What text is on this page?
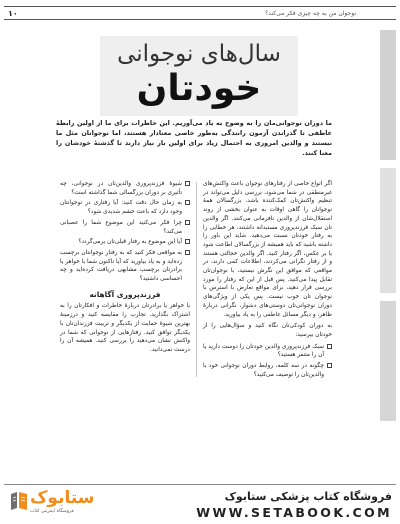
۱۰	نوجوان من به چه چیزی فکر می‌کند؟
سال‌های نوجوانی
خودتان
ما دوران نوجوانی‌مان را به وضوح به یاد می‌آوریم. این خاطرات برای ما از اولین رابطهٔ عاطفی تا گذراندن آزمون رانندگی به‌طور خاصی معنادار هستند، اما نوجوانان مثل ما نیستند و والدین امروزی به احتمال زیاد برای اولین بار نیاز دارند تا گذشتهٔ خودشان را معنا کنند.

اگر انواع خاصی از رفتارهای نوجوان باعث واکنش‌های غیرمنطقی در شما می‌شود، بررسی دلیل می‌تواند در تنظیم واکنش‌تان کمک‌کننده باشد. بزرگسالان همهٔ نوجوانان را گاهی اوقات به عنوان بخشی از روند استقلال‌شان از والدین نافرمانی می‌کنند. اگر والدین تان سبک فرزندپروری مستبدانه داشتند، هر خطایی را به رفتار خودتان نسبت می‌دهید. شاید این باور را داشته باشید که باید همیشه از بزرگسالان اطاعت شود یا بر عکس، اگر رفتار کنید. اگر والدین خجالتی هستند و از رفتار نگرانی می‌کردند، اطلاعات کمی دارند، در مواقعی که موافق این نگرش نیستید، با نوجوان‌تان تقابل پیدا می‌کنید. پس قبل از این که رفتار را مورد بررسی قرار دهید، برای مواقع تعارض با استرس با نوجوان تان خوب نیست. پس یکی از ویژگی‌های دوران نوجوانی‌تان دوستی‌های دشوار، نگرانی دربارهٔ ظاهر، و دیگر مسائل عاطفی را به یاد بیاورید.

به دوران کودکی‌تان نگاه کنید و سؤال‌هایی را از خودتان بپرسید:

سبک فرزندپروری والدین خودتان را دوست دارید یا آن را متنفر هستید؟
چگونه در سه کلمه، روابط دوران نوجوانی خود با والدین‌تان را توصیف می‌کنید؟
شیوهٔ فرزندپروری والدین‌تان در نوجوانی، چه تأثیری بر دوران بزرگسالی شما گذاشته است؟
به زمان حال دقت کنید: آیا رفتاری در نوجوانتان وجود دارد که باعث خشم شدیدی شود؟
چرا فکر می‌کنید این موضوع شما را عصبانی می‌کند؟
آیا این موضوع به رفتار قبلی‌تان برمی‌گردد؟
به مواقعی فکر کنید که به رفتار نوجوانتان برچسب زده‌اید و به یاد بیاورید که آیا تاکنون شما با خواهر یا برادرتان برچسب مشابهی دریافت کرده‌اید و چه احساسی داشتید؟
فرزندپروری آگاهانه

با خواهر یا برادرتان دربارهٔ خاطرات و افکارتان را به اشتراک بگذارید. تجارب را مقایسه کنید و درزمینهٔ بهترین شیوهٔ حمایت از یکدیگر و تربیت فرزندان‌تان با یکدیگر توافق کنید. رفتارهایی از نوجوانی که شما در واکنش نشان می‌دهید را بررسی کنید. همیشه آن را درست نمی‌دانید.

ستابوک
فروشگاه اینترنتی کتاب
فروشگاه کتاب پزشکی ستابوک
WWW.SETABOOK.COM
